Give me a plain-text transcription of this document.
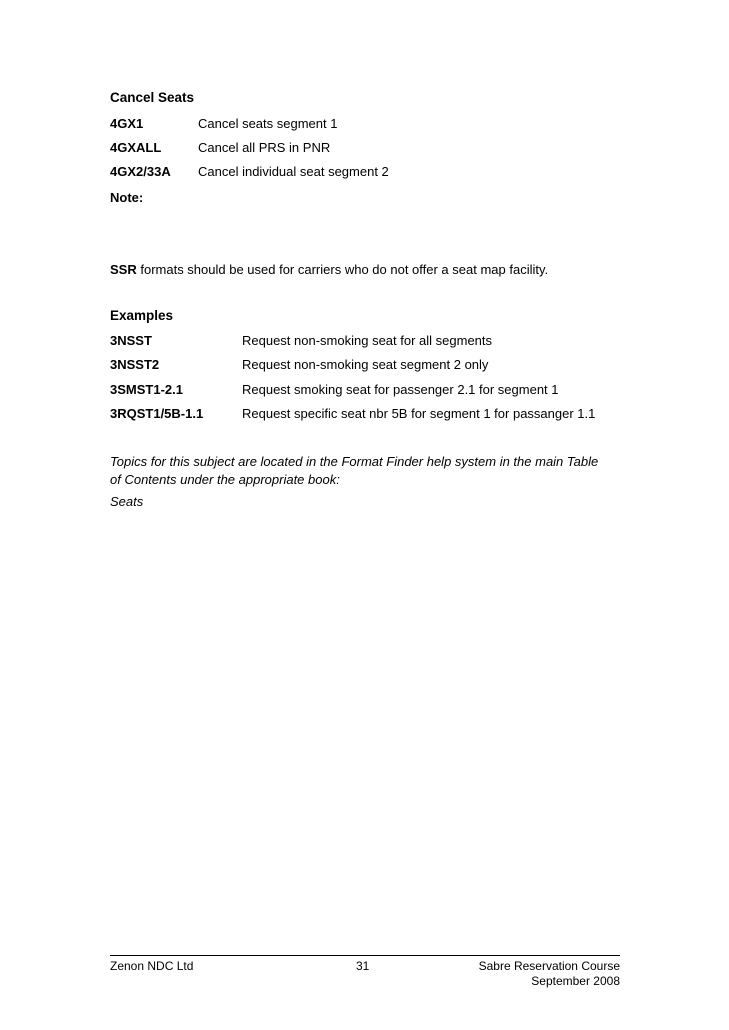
Cancel Seats
4GX1	Cancel seats segment 1
4GXALL	Cancel all PRS in PNR
4GX2/33A Cancel individual seat segment 2
Note:
SSR formats should be used for carriers who do not offer a seat map facility.
Examples
3NSST	Request non-smoking seat for all segments
3NSST2	Request non-smoking seat segment 2 only
3SMST1-2.1	Request smoking seat for passenger 2.1 for segment 1
3RQST1/5B-1.1	Request specific seat nbr 5B for segment 1 for passanger 1.1
Topics for this subject are located in the Format Finder help system in the main Table
of Contents under the appropriate book:
Seats
Zenon NDC Ltd	31	Sabre Reservation Course
September 2008
